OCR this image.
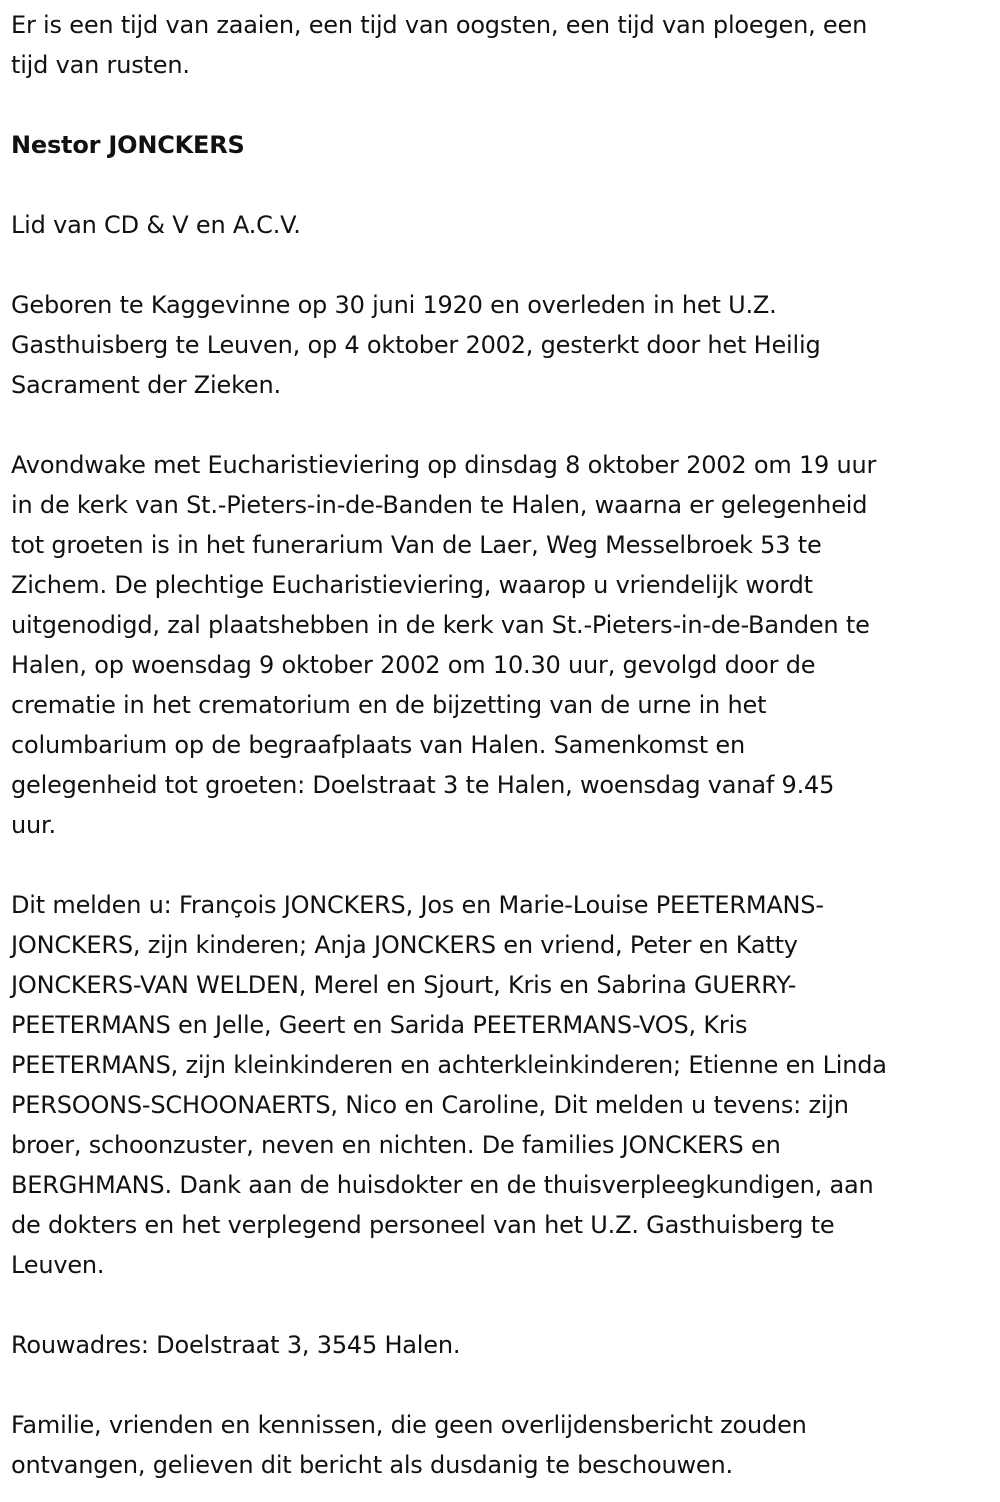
Er is een tijd van zaaien, een tijd van oogsten, een tijd van ploegen, een
tijd van rusten.
Nestor JONCKERS
Lid van CD & V en A.C.V.
Geboren te Kaggevinne op 30 juni 1920 en overleden in het U.Z.
Gasthuisberg te Leuven, op 4 oktober 2002, gesterkt door het Heilig
Sacrament der Zieken.
Avondwake met Eucharistieviering op dinsdag 8 oktober 2002 om 19 uur
in de kerk van St.-Pieters-in-de-Banden te Halen, waarna er gelegenheid
tot groeten is in het funerarium Van de Laer, Weg Messelbroek 53 te
Zichem. De plechtige Eucharistieviering, waarop u vriendelijk wordt
uitgenodigd, zal plaatshebben in de kerk van St.-Pieters-in-de-Banden te
Halen, op woensdag 9 oktober 2002 om 10.30 uur, gevolgd door de
crematie in het crematorium en de bijzetting van de urne in het
columbarium op de begraafplaats van Halen. Samenkomst en
gelegenheid tot groeten: Doelstraat 3 te Halen, woensdag vanaf 9.45
uur.
Dit melden u: François JONCKERS, Jos en Marie-Louise PEETERMANS-
JONCKERS, zijn kinderen; Anja JONCKERS en vriend, Peter en Katty
JONCKERS-VAN WELDEN, Merel en Sjourt, Kris en Sabrina GUERRY-
PEETERMANS en Jelle, Geert en Sarida PEETERMANS-VOS, Kris
PEETERMANS, zijn kleinkinderen en achterkleinkinderen; Etienne en Linda
PERSOONS-SCHOONAERTS, Nico en Caroline, Dit melden u tevens: zijn
broer, schoonzuster, neven en nichten. De families JONCKERS en
BERGHMANS. Dank aan de huisdokter en de thuisverpleegkundigen, aan
de dokters en het verplegend personeel van het U.Z. Gasthuisberg te
Leuven.
Rouwadres: Doelstraat 3, 3545 Halen.
Familie, vrienden en kennissen, die geen overlijdensbericht zouden
ontvangen, gelieven dit bericht als dusdanig te beschouwen.
